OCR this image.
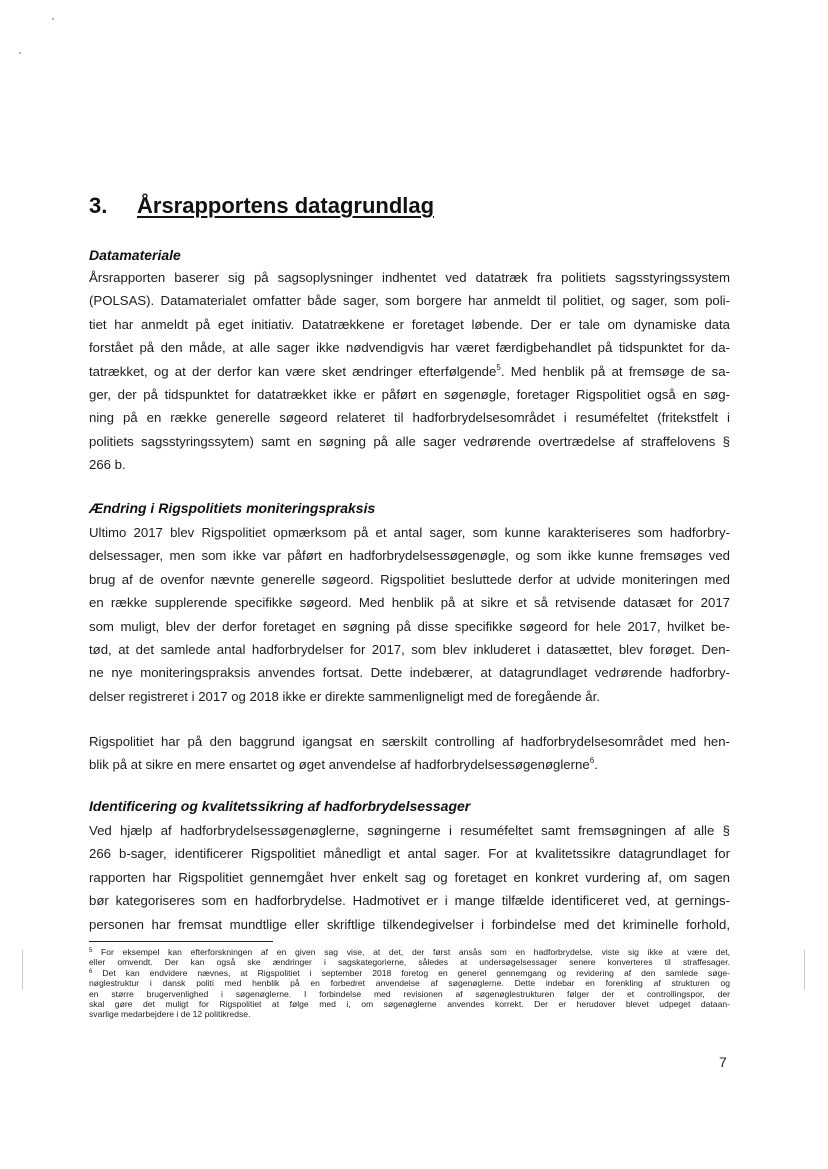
3. Årsrapportens datagrundlag
Datamateriale
Årsrapporten baserer sig på sagsoplysninger indhentet ved datatræk fra politiets sagsstyringssystem
(POLSAS). Datamaterialet omfatter både sager, som borgere har anmeldt til politiet, og sager, som poli-
tiet har anmeldt på eget initiativ. Datatrækkene er foretaget løbende. Der er tale om dynamiske data
forstået på den måde, at alle sager ikke nødvendigvis har været færdigbehandlet på tidspunktet for da-
tatrækket, og at der derfor kan være sket ændringer efterfølgende$^5$. Med henblik på at fremsøge de sa-
ger, der på tidspunktet for datatrækket ikke er påført en søgenøgle, foretager Rigspolitiet også en søg-
ning på en række generelle søgeord relateret til hadforbrydelsesområdet i resuméfeltet (fritekstfelt i
politiets sagsstyringssytem) samt en søgning på alle sager vedrørende overtrædelse af straffelovens §
266 b.
Ændring i Rigspolitiets moniteringspraksis
Ultimo 2017 blev Rigspolitiet opmærksom på et antal sager, som kunne karakteriseres som hadforbry-
delsessager, men som ikke var påført en hadforbrydelsessøgenøgle, og som ikke kunne fremsøges ved
brug af de ovenfor nævnte generelle søgeord. Rigspolitiet besluttede derfor at udvide moniteringen med
en række supplerende specifikke søgeord. Med henblik på at sikre et så retvisende datasæt for 2017
som muligt, blev der derfor foretaget en søgning på disse specifikke søgeord for hele 2017, hvilket be-
tød, at det samlede antal hadforbrydelser for 2017, som blev inkluderet i datasættet, blev forøget. Den-
ne nye moniteringspraksis anvendes fortsat. Dette indebærer, at datagrundlaget vedrørende hadforbry-
delser registreret i 2017 og 2018 ikke er direkte sammenligneligt med de foregående år.
Rigspolitiet har på den baggrund igangsat en særskilt controlling af hadforbrydelsesområdet med hen-
blik på at sikre en mere ensartet og øget anvendelse af hadforbrydelsessøgenøglerne$^6$.
Identificering og kvalitetssikring af hadforbrydelsessager
Ved hjælp af hadforbrydelsessøgenøglerne, søgningerne i resuméfeltet samt fremsøgningen af alle §
266 b-sager, identificerer Rigspolitiet månedligt et antal sager. For at kvalitetssikre datagrundlaget for
rapporten har Rigspolitiet gennemgået hver enkelt sag og foretaget en konkret vurdering af, om sagen
bør kategoriseres som en hadforbrydelse. Hadmotivet er i mange tilfælde identificeret ved, at gernings-
personen har fremsat mundtlige eller skriftlige tilkendegivelser i forbindelse med det kriminelle forhold,
$^5$ For eksempel kan efterforskningen af en given sag vise, at det, der først ansås som en hadforbrydelse, viste sig ikke at være det,
eller omvendt. Der kan også ske ændringer i sagskategorierne, således at undersøgelsessager senere konverteres til straffesager.
$^6$ Det kan endvidere nævnes, at Rigspolitiet i september 2018 foretog en generel gennemgang og revidering af den samlede søge-
nøglestruktur i dansk politi med henblik på en forbedret anvendelse af søgenøglerne. Dette indebar en forenkling af strukturen og
en større brugervenlighed i søgenøglerne. I forbindelse med revisionen af søgenøglestrukturen følger der et controllingspor, der
skal gøre det muligt for Rigspolitiet at følge med i, om søgenøglerne anvendes korrekt. Der er herudover blevet udpeget dataan-
svarlige medarbejdere i de 12 politikredse.
7
